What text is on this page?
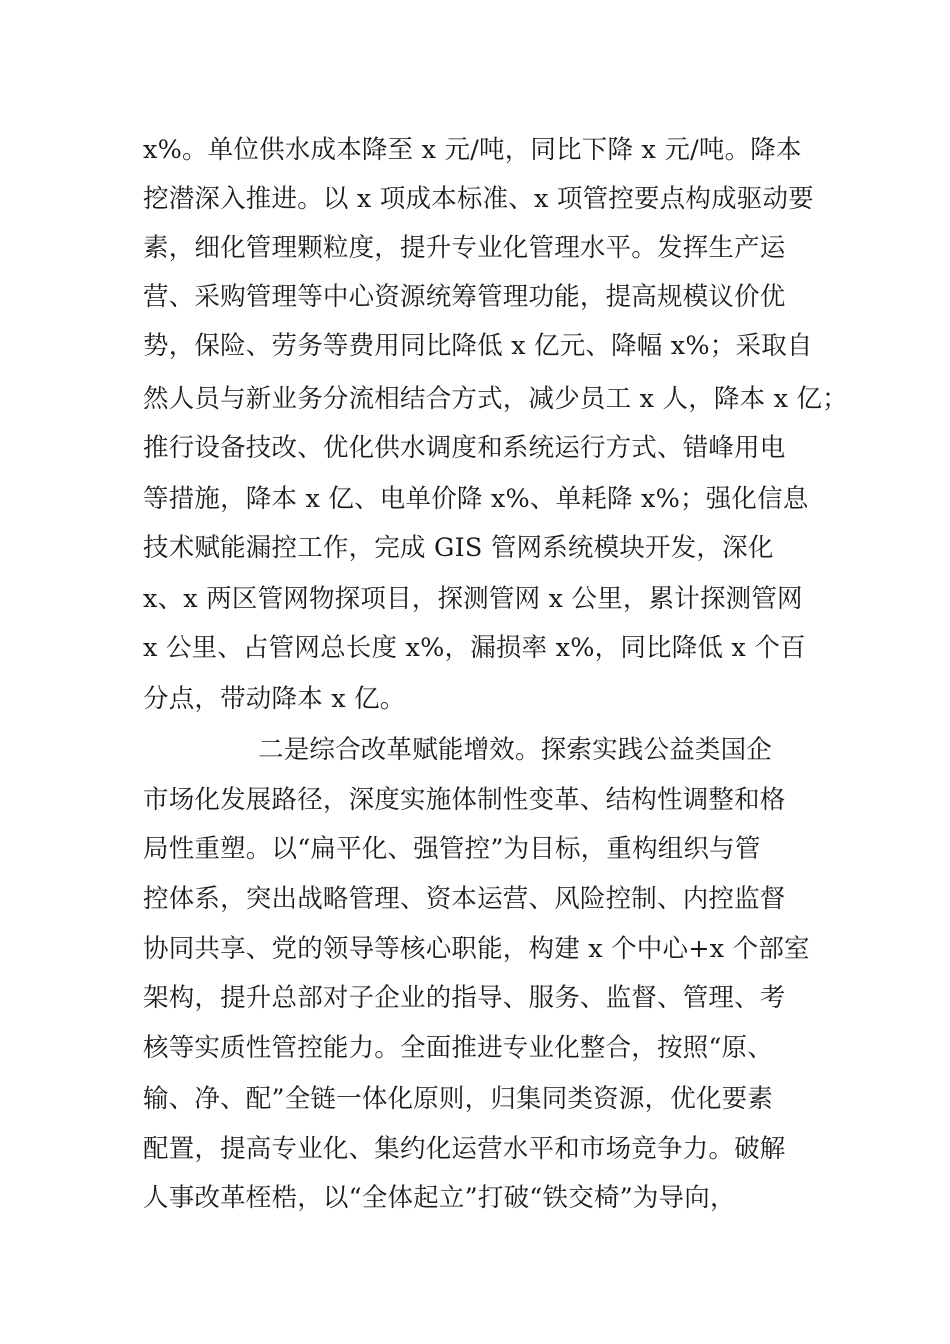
x%。单位供水成本降至 x 元/吨，同比下降 x 元/吨。降本
挖潜深入推进。以 x 项成本标准、x 项管控要点构成驱动要
素，细化管理颗粒度，提升专业化管理水平。发挥生产运
营、采购管理等中心资源统筹管理功能，提高规模议价优
势，保险、劳务等费用同比降低 x 亿元、降幅 x%；采取自
然人员与新业务分流相结合方式，减少员工 x 人，降本 x 亿；
推行设备技改、优化供水调度和系统运行方式、错峰用电
等措施，降本 x 亿、电单价降 x%、单耗降 x%；强化信息
技术赋能漏控工作，完成 GIS 管网系统模块开发，深化
x、x 两区管网物探项目，探测管网 x 公里，累计探测管网
x 公里、占管网总长度 x%，漏损率 x%，同比降低 x 个百
分点，带动降本 x 亿。
二是综合改革赋能增效。探索实践公益类国企
市场化发展路径，深度实施体制性变革、结构性调整和格
局性重塑。以“扁平化、强管控”为目标，重构组织与管
控体系，突出战略管理、资本运营、风险控制、内控监督
协同共享、党的领导等核心职能，构建 x 个中心+x 个部室
架构，提升总部对子企业的指导、服务、监督、管理、考
核等实质性管控能力。全面推进专业化整合，按照“原、
输、净、配”全链一体化原则，归集同类资源，优化要素
配置，提高专业化、集约化运营水平和市场竞争力。破解
人事改革桎梏，以“全体起立”打破“铁交椅”为导向，
